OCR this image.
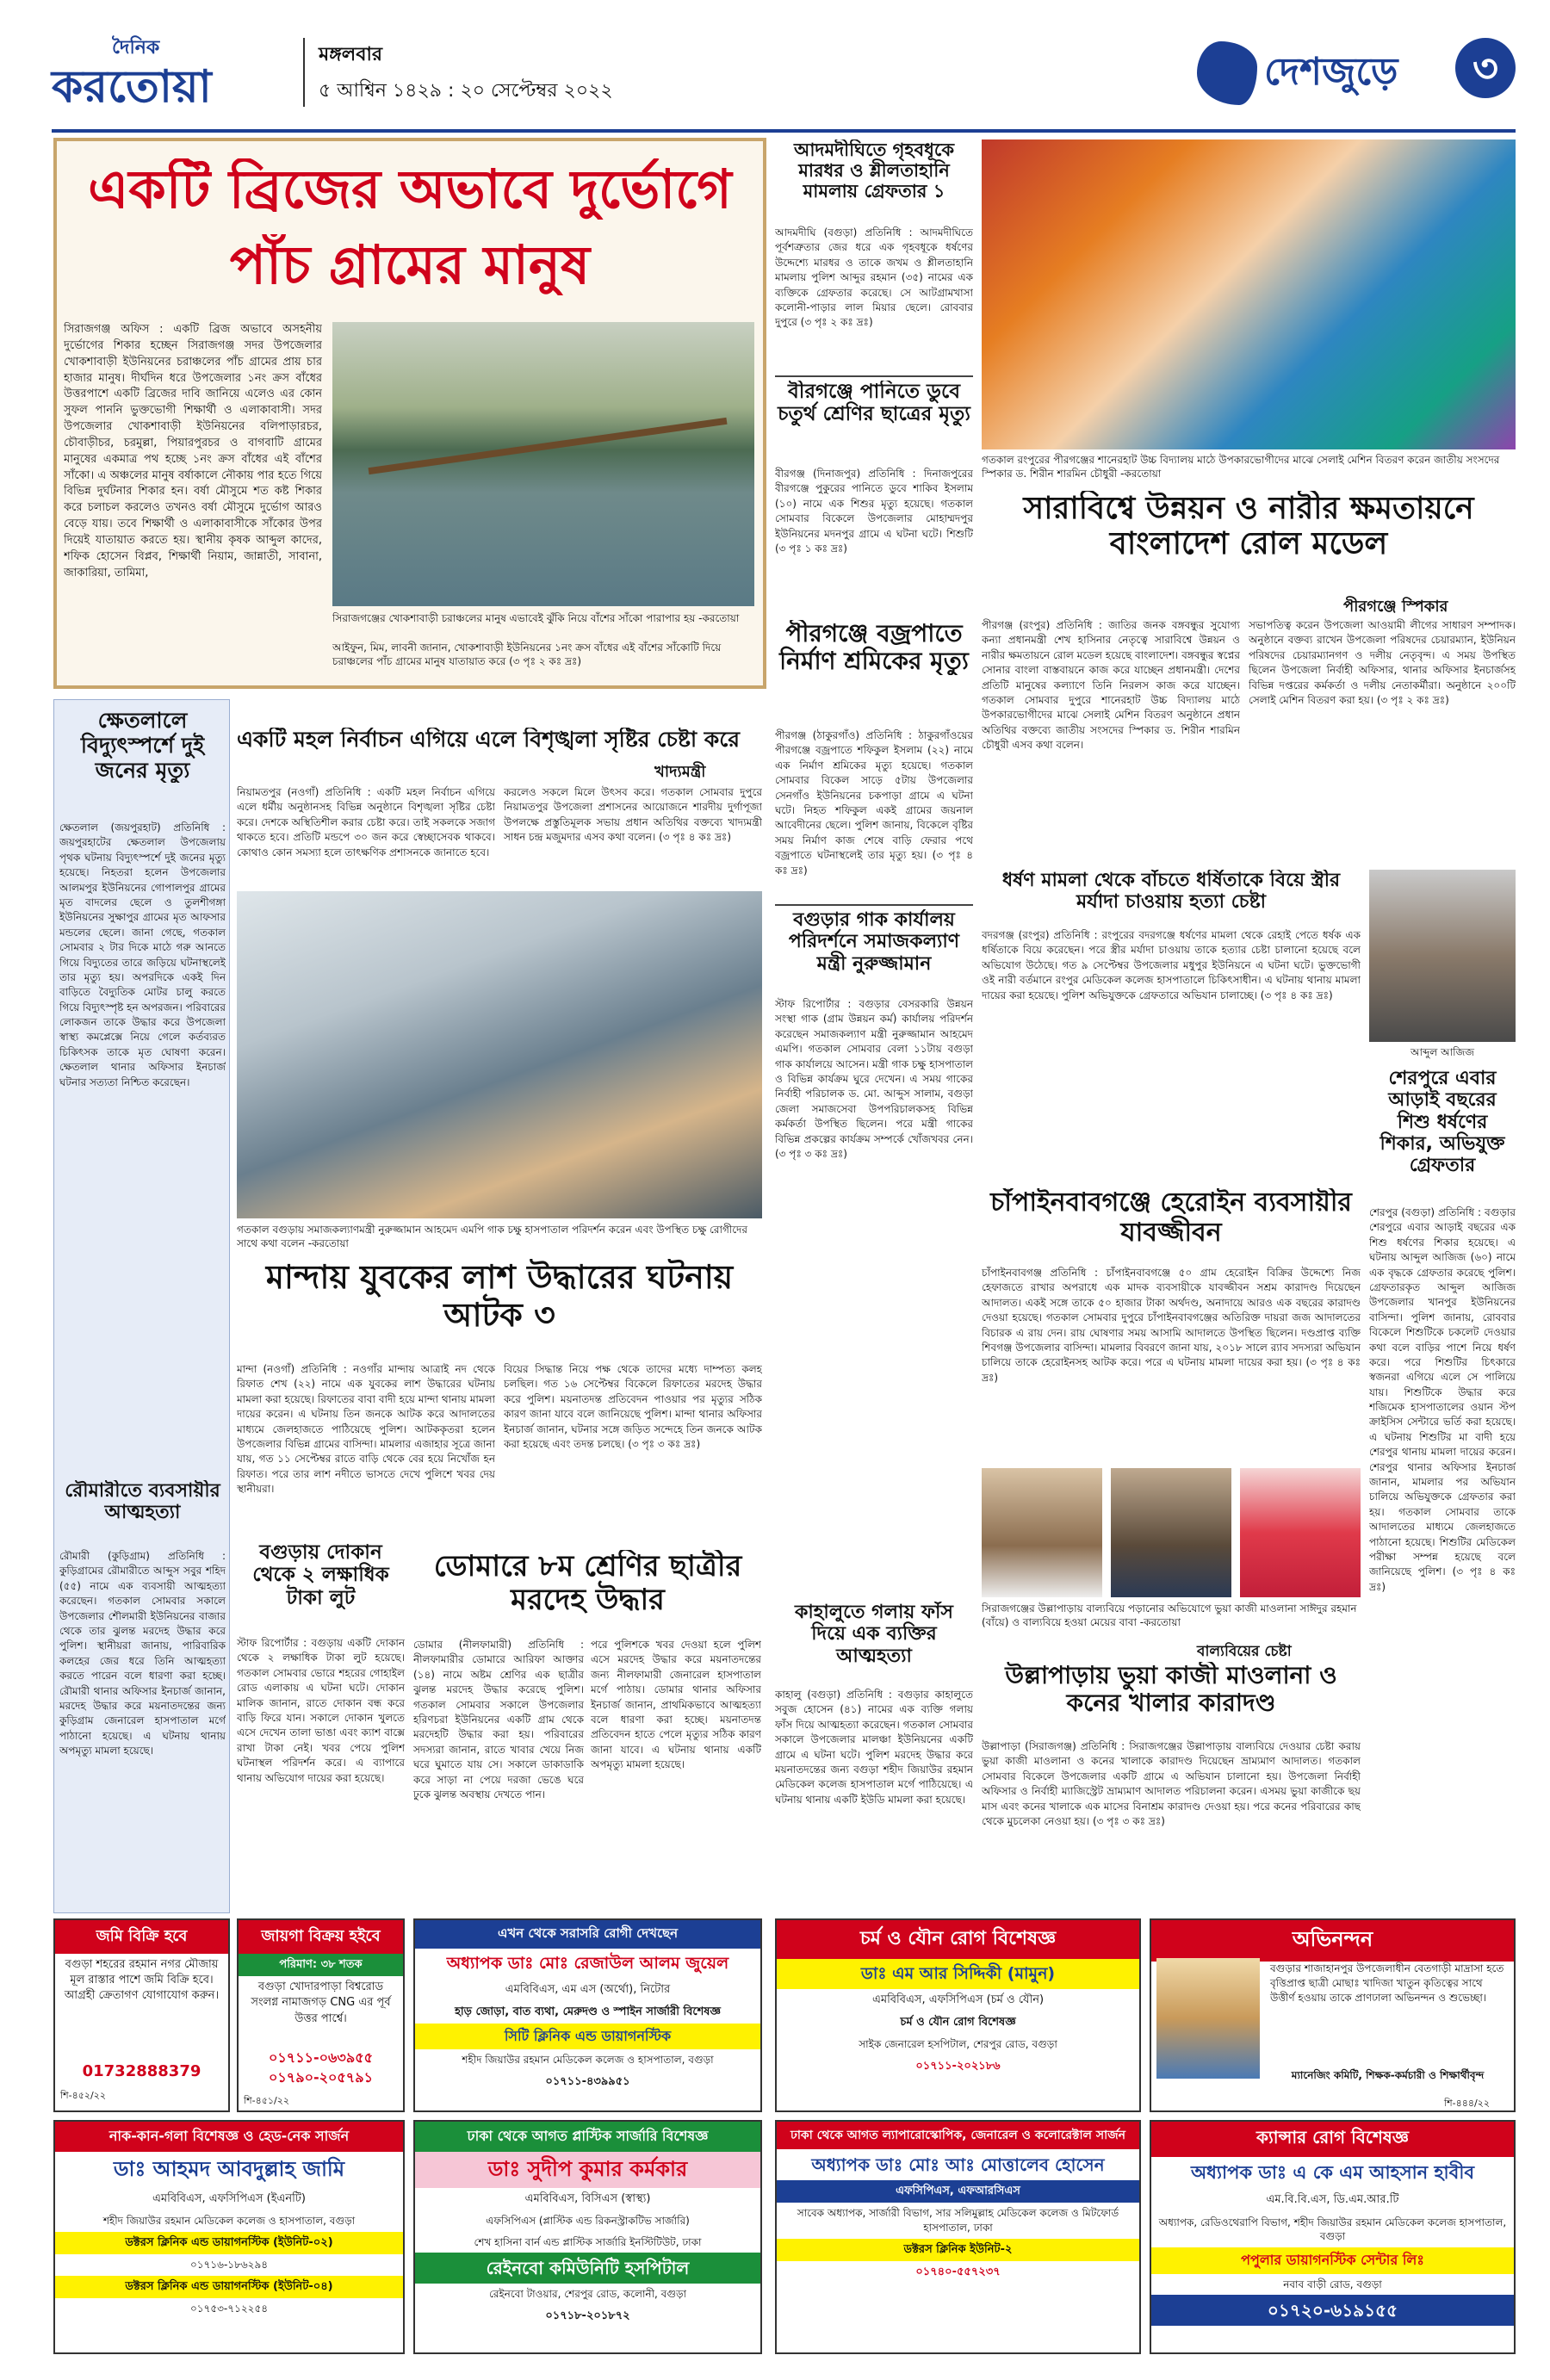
দৈনিক
করতোয়া
মঙ্গলবার
৫ আশ্বিন ১৪২৯ : ২০ সেপ্টেম্বর ২০২২	দেশজুড়ে	৩
একটি ব্রিজের অভাবে দুর্ভোগে
পাঁচ গ্রামের মানুষ
সিরাজগঞ্জ অফিস : একটি ব্রিজ অভাবে অসহনীয় দুর্ভোগের শিকার হচ্ছেন সিরাজগঞ্জ সদর উপজেলার খোকশাবাড়ী ইউনিয়নের চরাঞ্চলের পাঁচ গ্রামের প্রায় চার হাজার মানুষ। দীর্ঘদিন ধরে উপজেলার ১নং ক্রস বাঁধের উত্তরপাশে একটি ব্রিজের দাবি জানিয়ে এলেও এর কোন সুফল পাননি ভুক্তভোগী শিক্ষার্থী ও এলাকাবাসী। সদর উপজেলার খোকশাবাড়ী ইউনিয়নের বলিপাড়ারচর, চৌবাড়ীচর, চরমুল্লা, পিয়ারপুরচর ও বাগবাটি গ্রামের মানুষের একমাত্র পথ হচ্ছে ১নং ক্রস বাঁধের এই বাঁশের সাঁকো। এ অঞ্চলের মানুষ বর্ষাকালে নৌকায় পার হতে গিয়ে বিভিন্ন দুর্ঘটনার শিকার হন। বর্ষা মৌসুমে শত কষ্ট শিকার করে চলাচল করলেও তখনও বর্ষা মৌসুমে দুর্ভোগ আরও বেড়ে যায়। তবে শিক্ষার্থী ও এলাকাবাসীকে সাঁকোর উপর দিয়েই যাতায়াত করতে হয়। স্থানীয় কৃষক আব্দুল কাদের, শফিক হোসেন বিপ্লব, শিক্ষার্থী নিয়াম, জান্নাতী, সাবানা, জাকারিয়া, তামিমা,
সিরাজগঞ্জের খোকশাবাড়ী চরাঞ্চলের মানুষ এভাবেই ঝুঁকি নিয়ে বাঁশের সাঁকো পারাপার হয় -করতোয়া
আইফুন, মিম, লাবনী জানান, খোকশাবাড়ী ইউনিয়নের ১নং ক্রস বাঁধের এই বাঁশের সাঁকোটি দিয়ে চরাঞ্চলের পাঁচ গ্রামের মানুষ যাতায়াত করে (৩ পৃঃ ২ কঃ দ্রঃ)
আদমদীঘিতে গৃহবধূকে মারধর ও শ্লীলতাহানি মামলায় গ্রেফতার ১
আদমদীঘি (বগুড়া) প্রতিনিধি : আদমদীঘিতে পূর্বশত্রুতার জের ধরে এক গৃহবধূকে ধর্ষণের উদ্দেশ্যে মারধর ও তাকে জখম ও শ্লীলতাহানি মামলায় পুলিশ আব্দুর রহমান (৩৫) নামের এক ব্যক্তিকে গ্রেফতার করেছে। সে আটগ্রামখাসা কলোনী-পাড়ার লাল মিয়ার ছেলে। রোববার দুপুরে (৩ পৃঃ ২ কঃ দ্রঃ)
বীরগঞ্জে পানিতে ডুবে চতুর্থ শ্রেণির ছাত্রের মৃত্যু
বীরগঞ্জ (দিনাজপুর) প্রতিনিধি : দিনাজপুরের বীরগঞ্জে পুকুরের পানিতে ডুবে শাকিব ইসলাম (১০) নামে এক শিশুর মৃত্যু হয়েছে। গতকাল সোমবার বিকেলে উপজেলার মোহাম্মদপুর ইউনিয়নের মদনপুর গ্রামে এ ঘটনা ঘটে। শিশুটি (৩ পৃঃ ১ কঃ দ্রঃ)
গতকাল রংপুরের পীরগঞ্জের শানেরহাট উচ্চ বিদ্যালয় মাঠে উপকারভোগীদের মাঝে সেলাই মেশিন বিতরণ করেন জাতীয় সংসদের স্পিকার ড. শিরীন শারমিন চৌধুরী -করতোয়া
সারাবিশ্বে উন্নয়ন ও নারীর ক্ষমতায়নে বাংলাদেশ রোল মডেল
পীরগঞ্জে স্পিকার
পীরগঞ্জ (রংপুর) প্রতিনিধি : জাতির জনক বঙ্গবন্ধুর সুযোগ্য কন্যা প্রধানমন্ত্রী শেখ হাসিনার নেতৃত্বে সারাবিশ্বে উন্নয়ন ও নারীর ক্ষমতায়নে রোল মডেল হয়েছে বাংলাদেশ। বঙ্গবন্ধুর স্বপ্নের সোনার বাংলা বাস্তবায়নে কাজ করে যাচ্ছেন প্রধানমন্ত্রী। দেশের প্রতিটি মানুষের কল্যাণে তিনি নিরলস কাজ করে যাচ্ছেন। গতকাল সোমবার দুপুরে শানেরহাট উচ্চ বিদ্যালয় মাঠে উপকারভোগীদের মাঝে সেলাই মেশিন বিতরণ অনুষ্ঠানে প্রধান অতিথির বক্তব্যে জাতীয় সংসদের স্পিকার ড. শিরীন শারমিন চৌধুরী এসব কথা বলেন।
সভাপতিত্ব করেন উপজেলা আওয়ামী লীগের সাধারণ সম্পাদক। অনুষ্ঠানে বক্তব্য রাখেন উপজেলা পরিষদের চেয়ারম্যান, ইউনিয়ন পরিষদের চেয়ারম্যানগণ ও দলীয় নেতৃবৃন্দ। এ সময় উপস্থিত ছিলেন উপজেলা নির্বাহী অফিসার, থানার অফিসার ইনচার্জসহ বিভিন্ন দপ্তরের কর্মকর্তা ও দলীয় নেতাকর্মীরা। অনুষ্ঠানে ২০০টি সেলাই মেশিন বিতরণ করা হয়। (৩ পৃঃ ২ কঃ দ্রঃ)
পীরগঞ্জে বজ্রপাতে নির্মাণ শ্রমিকের মৃত্যু
পীরগঞ্জ (ঠাকুরগাঁও) প্রতিনিধি : ঠাকুরগাঁওয়ের পীরগঞ্জে বজ্রপাতে শফিকুল ইসলাম (২২) নামে এক নির্মাণ শ্রমিকের মৃত্যু হয়েছে। গতকাল সোমবার বিকেল সাড়ে ৫টায় উপজেলার সেনগাঁও ইউনিয়নের চকপাড়া গ্রামে এ ঘটনা ঘটে। নিহত শফিকুল একই গ্রামের জয়নাল আবেদীনের ছেলে। পুলিশ জানায়, বিকেলে বৃষ্টির সময় নির্মাণ কাজ শেষে বাড়ি ফেরার পথে বজ্রপাতে ঘটনাস্থলেই তার মৃত্যু হয়। (৩ পৃঃ ৪ কঃ দ্রঃ)
বগুড়ার গাক কার্যালয় পরিদর্শনে সমাজকল্যাণ মন্ত্রী নুরুজ্জামান
স্টাফ রিপোর্টার : বগুড়ার বেসরকারি উন্নয়ন সংস্থা গাক (গ্রাম উন্নয়ন কর্ম) কার্যালয় পরিদর্শন করেছেন সমাজকল্যাণ মন্ত্রী নুরুজ্জামান আহমেদ এমপি। গতকাল সোমবার বেলা ১১টায় বগুড়া গাক কার্যালয়ে আসেন। মন্ত্রী গাক চক্ষু হাসপাতাল ও বিভিন্ন কার্যক্রম ঘুরে দেখেন। এ সময় গাকের নির্বাহী পরিচালক ড. মো. আব্দুস সালাম, বগুড়া জেলা সমাজসেবা উপপরিচালকসহ বিভিন্ন কর্মকর্তা উপস্থিত ছিলেন। পরে মন্ত্রী গাকের বিভিন্ন প্রকল্পের কার্যক্রম সম্পর্কে খোঁজখবর নেন। (৩ পৃঃ ৩ কঃ দ্রঃ)
ক্ষেতলালে বিদ্যুৎস্পর্শে দুই জনের মৃত্যু
ক্ষেতলাল (জয়পুরহাট) প্রতিনিধি : জয়পুরহাটের ক্ষেতলাল উপজেলায় পৃথক ঘটনায় বিদ্যুৎস্পর্শে দুই জনের মৃত্যু হয়েছে। নিহতরা হলেন উপজেলার আলমপুর ইউনিয়নের গোপালপুর গ্রামের মৃত বাদলের ছেলে ও তুলশীগঙ্গা ইউনিয়নের সুক্ষাপুর গ্রামের মৃত আফসার মন্ডলের ছেলে। জানা গেছে, গতকাল সোমবার ২ টার দিকে মাঠে গরু আনতে গিয়ে বিদ্যুতের তারে জড়িয়ে ঘটনাস্থলেই তার মৃত্যু হয়। অপরদিকে একই দিন বাড়িতে বৈদ্যুতিক মোটর চালু করতে গিয়ে বিদ্যুৎস্পৃষ্ট হন অপরজন। পরিবারের লোকজন তাকে উদ্ধার করে উপজেলা স্বাস্থ্য কমপ্লেক্সে নিয়ে গেলে কর্তব্যরত চিকিৎসক তাকে মৃত ঘোষণা করেন। ক্ষেতলাল থানার অফিসার ইনচার্জ ঘটনার সত্যতা নিশ্চিত করেছেন।
রৌমারীতে ব্যবসায়ীর আত্মহত্যা
রৌমারী (কুড়িগ্রাম) প্রতিনিধি : কুড়িগ্রামের রৌমারীতে আব্দুস সবুর শহিদ (৫৫) নামে এক ব্যবসায়ী আত্মহত্যা করেছেন। গতকাল সোমবার সকালে উপজেলার শৌলমারী ইউনিয়নের বাজার থেকে তার ঝুলন্ত মরদেহ উদ্ধার করে পুলিশ। স্থানীয়রা জানায়, পারিবারিক কলহের জের ধরে তিনি আত্মহত্যা করতে পারেন বলে ধারণা করা হচ্ছে। রৌমারী থানার অফিসার ইনচার্জ জানান, মরদেহ উদ্ধার করে ময়নাতদন্তের জন্য কুড়িগ্রাম জেনারেল হাসপাতাল মর্গে পাঠানো হয়েছে। এ ঘটনায় থানায় অপমৃত্যু মামলা হয়েছে।
একটি মহল নির্বাচন এগিয়ে এলে বিশৃঙ্খলা সৃষ্টির চেষ্টা করে
খাদ্যমন্ত্রী
নিয়ামতপুর (নওগাঁ) প্রতিনিধি : একটি মহল নির্বাচন এগিয়ে এলে ধর্মীয় অনুষ্ঠানসহ বিভিন্ন অনুষ্ঠানে বিশৃঙ্খলা সৃষ্টির চেষ্টা করে। দেশকে অস্থিতিশীল করার চেষ্টা করে। তাই সকলকে সজাগ থাকতে হবে। প্রতিটি মন্ডপে ৩০ জন করে স্বেচ্ছাসেবক থাকবে। কোথাও কোন সমস্যা হলে তাৎক্ষণিক প্রশাসনকে জানাতে হবে।
করলেও সকলে মিলে উৎসব করে। গতকাল সোমবার দুপুরে নিয়ামতপুর উপজেলা প্রশাসনের আয়োজনে শারদীয় দুর্গাপূজা উপলক্ষে প্রস্তুতিমূলক সভায় প্রধান অতিথির বক্তব্যে খাদ্যমন্ত্রী সাধন চন্দ্র মজুমদার এসব কথা বলেন। (৩ পৃঃ ৪ কঃ দ্রঃ)
গতকাল বগুড়ায় সমাজকল্যাণমন্ত্রী নুরুজ্জামান আহমেদ এমপি গাক চক্ষু হাসপাতাল পরিদর্শন করেন এবং উপস্থিত চক্ষু রোগীদের সাথে কথা বলেন -করতোয়া
মান্দায় যুবকের লাশ উদ্ধারের ঘটনায় আটক ৩
মান্দা (নওগাঁ) প্রতিনিধি : নওগাঁর মান্দায় আত্রাই নদ থেকে রিফাত শেখ (২২) নামে এক যুবকের লাশ উদ্ধারের ঘটনায় মামলা করা হয়েছে। রিফাতের বাবা বাদী হয়ে মান্দা থানায় মামলা দায়ের করেন। এ ঘটনায় তিন জনকে আটক করে আদালতের মাধ্যমে জেলহাজতে পাঠিয়েছে পুলিশ। আটককৃতরা হলেন উপজেলার বিভিন্ন গ্রামের বাসিন্দা। মামলার এজাহার সূত্রে জানা যায়, গত ১১ সেপ্টেম্বর রাতে বাড়ি থেকে বের হয়ে নিখোঁজ হন রিফাত। পরে তার লাশ নদীতে ভাসতে দেখে পুলিশে খবর দেয় স্থানীয়রা।
বিয়ের সিদ্ধান্ত নিয়ে পক্ষ থেকে তাদের মধ্যে দাম্পত্য কলহ চলছিল। গত ১৬ সেপ্টেম্বর বিকেলে রিফাতের মরদেহ উদ্ধার করে পুলিশ। ময়নাতদন্ত প্রতিবেদন পাওয়ার পর মৃত্যুর সঠিক কারণ জানা যাবে বলে জানিয়েছে পুলিশ। মান্দা থানার অফিসার ইনচার্জ জানান, ঘটনার সঙ্গে জড়িত সন্দেহে তিন জনকে আটক করা হয়েছে এবং তদন্ত চলছে। (৩ পৃঃ ৩ কঃ দ্রঃ)
বগুড়ায় দোকান থেকে ২ লক্ষাধিক টাকা লুট
স্টাফ রিপোর্টার : বগুড়ায় একটি দোকান থেকে ২ লক্ষাধিক টাকা লুট হয়েছে। গতকাল সোমবার ভোরে শহরের গোহাইল রোড এলাকায় এ ঘটনা ঘটে। দোকান মালিক জানান, রাতে দোকান বন্ধ করে বাড়ি ফিরে যান। সকালে দোকান খুলতে এসে দেখেন তালা ভাঙা এবং ক্যাশ বাক্সে রাখা টাকা নেই। খবর পেয়ে পুলিশ ঘটনাস্থল পরিদর্শন করে। এ ব্যাপারে থানায় অভিযোগ দায়ের করা হয়েছে।
ডোমারে ৮ম শ্রেণির ছাত্রীর মরদেহ উদ্ধার
ডোমার (নীলফামারী) প্রতিনিধি : নীলফামারীর ডোমারে আরিফা আক্তার (১৪) নামে অষ্টম শ্রেণির এক ছাত্রীর ঝুলন্ত মরদেহ উদ্ধার করেছে পুলিশ। গতকাল সোমবার সকালে উপজেলার হরিণচরা ইউনিয়নের একটি গ্রাম থেকে মরদেহটি উদ্ধার করা হয়। পরিবারের সদস্যরা জানান, রাতে খাবার খেয়ে নিজ ঘরে ঘুমাতে যায় সে। সকালে ডাকাডাকি করে সাড়া না পেয়ে দরজা ভেঙে ঘরে ঢুকে ঝুলন্ত অবস্থায় দেখতে পান।
পরে পুলিশকে খবর দেওয়া হলে পুলিশ এসে মরদেহ উদ্ধার করে ময়নাতদন্তের জন্য নীলফামারী জেনারেল হাসপাতাল মর্গে পাঠায়। ডোমার থানার অফিসার ইনচার্জ জানান, প্রাথমিকভাবে আত্মহত্যা বলে ধারণা করা হচ্ছে। ময়নাতদন্ত প্রতিবেদন হাতে পেলে মৃত্যুর সঠিক কারণ জানা যাবে। এ ঘটনায় থানায় একটি অপমৃত্যু মামলা হয়েছে।
ধর্ষণ মামলা থেকে বাঁচতে ধর্ষিতাকে বিয়ে স্ত্রীর মর্যাদা চাওয়ায় হত্যা চেষ্টা
বদরগঞ্জ (রংপুর) প্রতিনিধি : রংপুরের বদরগঞ্জে ধর্ষণের মামলা থেকে রেহাই পেতে ধর্ষক এক ধর্ষিতাকে বিয়ে করেছেন। পরে স্ত্রীর মর্যাদা চাওয়ায় তাকে হত্যার চেষ্টা চালানো হয়েছে বলে অভিযোগ উঠেছে। গত ৯ সেপ্টেম্বর উপজেলার মধুপুর ইউনিয়নে এ ঘটনা ঘটে। ভুক্তভোগী ওই নারী বর্তমানে রংপুর মেডিকেল কলেজ হাসপাতালে চিকিৎসাধীন। এ ঘটনায় থানায় মামলা দায়ের করা হয়েছে। পুলিশ অভিযুক্তকে গ্রেফতারে অভিযান চালাচ্ছে। (৩ পৃঃ ৪ কঃ দ্রঃ)
আব্দুল আজিজ
শেরপুরে এবার আড়াই বছরের শিশু ধর্ষণের শিকার, অভিযুক্ত গ্রেফতার
শেরপুর (বগুড়া) প্রতিনিধি : বগুড়ার শেরপুরে এবার আড়াই বছরের এক শিশু ধর্ষণের শিকার হয়েছে। এ ঘটনায় আব্দুল আজিজ (৬০) নামে এক বৃদ্ধকে গ্রেফতার করেছে পুলিশ। গ্রেফতারকৃত আব্দুল আজিজ উপজেলার খানপুর ইউনিয়নের বাসিন্দা। পুলিশ জানায়, রোববার বিকেলে শিশুটিকে চকলেট দেওয়ার কথা বলে বাড়ির পাশে নিয়ে ধর্ষণ করে। পরে শিশুটির চিৎকারে স্বজনরা এগিয়ে এলে সে পালিয়ে যায়। শিশুটিকে উদ্ধার করে শজিমেক হাসপাতালের ওয়ান স্টপ ক্রাইসিস সেন্টারে ভর্তি করা হয়েছে। এ ঘটনায় শিশুটির মা বাদী হয়ে শেরপুর থানায় মামলা দায়ের করেন। শেরপুর থানার অফিসার ইনচার্জ জানান, মামলার পর অভিযান চালিয়ে অভিযুক্তকে গ্রেফতার করা হয়। গতকাল সোমবার তাকে আদালতের মাধ্যমে জেলহাজতে পাঠানো হয়েছে। শিশুটির মেডিকেল পরীক্ষা সম্পন্ন হয়েছে বলে জানিয়েছে পুলিশ। (৩ পৃঃ ৪ কঃ দ্রঃ)
চাঁপাইনবাবগঞ্জে হেরোইন ব্যবসায়ীর যাবজ্জীবন
চাঁপাইনবাবগঞ্জ প্রতিনিধি : চাঁপাইনবাবগঞ্জে ৫০ গ্রাম হেরোইন বিক্রির উদ্দেশ্যে নিজ হেফাজতে রাখার অপরাধে এক মাদক ব্যবসায়ীকে যাবজ্জীবন সশ্রম কারাদণ্ড দিয়েছেন আদালত। একই সঙ্গে তাকে ৫০ হাজার টাকা অর্থদণ্ড, অনাদায়ে আরও এক বছরের কারাদণ্ড দেওয়া হয়েছে। গতকাল সোমবার দুপুরে চাঁপাইনবাবগঞ্জের অতিরিক্ত দায়রা জজ আদালতের বিচারক এ রায় দেন। রায় ঘোষণার সময় আসামি আদালতে উপস্থিত ছিলেন। দণ্ডপ্রাপ্ত ব্যক্তি শিবগঞ্জ উপজেলার বাসিন্দা। মামলার বিবরণে জানা যায়, ২০১৮ সালে র‍্যাব সদস্যরা অভিযান চালিয়ে তাকে হেরোইনসহ আটক করে। পরে এ ঘটনায় মামলা দায়ের করা হয়। (৩ পৃঃ ৪ কঃ দ্রঃ)
সিরাজগঞ্জের উল্লাপাড়ায় বাল্যবিয়ে পড়ানোর অভিযোগে ভুয়া কাজী মাওলানা সাঈদুর রহমান (বাঁয়ে) ও বাল্যবিয়ে হওয়া মেয়ের বাবা -করতোয়া
কাহালুতে গলায় ফাঁস দিয়ে এক ব্যক্তির আত্মহত্যা
কাহালু (বগুড়া) প্রতিনিধি : বগুড়ার কাহালুতে সবুজ হোসেন (৪১) নামের এক ব্যক্তি গলায় ফাঁস দিয়ে আত্মহত্যা করেছেন। গতকাল সোমবার সকালে উপজেলার মালঞ্চা ইউনিয়নের একটি গ্রামে এ ঘটনা ঘটে। পুলিশ মরদেহ উদ্ধার করে ময়নাতদন্তের জন্য বগুড়া শহীদ জিয়াউর রহমান মেডিকেল কলেজ হাসপাতাল মর্গে পাঠিয়েছে। এ ঘটনায় থানায় একটি ইউডি মামলা করা হয়েছে।
বাল্যবিয়ের চেষ্টা
উল্লাপাড়ায় ভুয়া কাজী মাওলানা ও কনের খালার কারাদণ্ড
উল্লাপাড়া (সিরাজগঞ্জ) প্রতিনিধি : সিরাজগঞ্জের উল্লাপাড়ায় বাল্যবিয়ে দেওয়ার চেষ্টা করায় ভুয়া কাজী মাওলানা ও কনের খালাকে কারাদণ্ড দিয়েছেন ভ্রাম্যমাণ আদালত। গতকাল সোমবার বিকেলে উপজেলার একটি গ্রামে এ অভিযান চালানো হয়। উপজেলা নির্বাহী অফিসার ও নির্বাহী ম্যাজিস্ট্রেট ভ্রাম্যমাণ আদালত পরিচালনা করেন। এসময় ভুয়া কাজীকে ছয় মাস এবং কনের খালাকে এক মাসের বিনাশ্রম কারাদণ্ড দেওয়া হয়। পরে কনের পরিবারের কাছ থেকে মুচলেকা নেওয়া হয়। (৩ পৃঃ ৩ কঃ দ্রঃ)
জমি বিক্রি হবে
বগুড়া শহরের রহমান নগর মৌজায় মূল রাস্তার পাশে জমি বিক্রি হবে। আগ্রহী ক্রেতাগণ যোগাযোগ করুন।
01732888379
শি-৪৫২/২২
জায়গা বিক্রয় হইবে
পরিমাণ: ৩৮ শতক
বগুড়া খোদারপাড়া বিশ্বরোড সংলগ্ন নামাজগড় CNG এর পূর্ব উত্তর পার্শ্বে।
০১৭১১-০৬৩৯৫৫
০১৭৯০-২০৫৭৯১
শি-৪৫১/২২
এখন থেকে সরাসরি রোগী দেখছেন
অধ্যাপক ডাঃ মোঃ রেজাউল আলম জুয়েল
এমবিবিএস, এম এস (অর্থো), নিটোর
হাড় জোড়া, বাত ব্যথা, মেরুদণ্ড ও স্পাইন সার্জারী বিশেষজ্ঞ
সিটি ক্লিনিক এন্ড ডায়াগনস্টিক
শহীদ জিয়াউর রহমান মেডিকেল কলেজ ও হাসপাতাল, বগুড়া
০১৭১১-৪৩৯৯৫১
চর্ম ও যৌন রোগ বিশেষজ্ঞ
ডাঃ এম আর সিদ্দিকী (মামুন)
এমবিবিএস, এফসিপিএস (চর্ম ও যৌন)
চর্ম ও যৌন রোগ বিশেষজ্ঞ
সাইক জেনারেল হসপিটাল, শেরপুর রোড, বগুড়া
০১৭১১-২০২১৮৬
অভিনন্দন
বগুড়ার শাজাহানপুর উপজেলাধীন বেতগাড়ী মাদ্রাসা হতে বৃত্তিপ্রাপ্ত ছাত্রী মোছাঃ খাদিজা খাতুন কৃতিত্বের সাথে উত্তীর্ণ হওয়ায় তাকে প্রাণঢালা অভিনন্দন ও শুভেচ্ছা।
ম্যানেজিং কমিটি, শিক্ষক-কর্মচারী ও শিক্ষার্থীবৃন্দ
শি-৪৪৪/২২
নাক-কান-গলা বিশেষজ্ঞ ও হেড-নেক সার্জন
ডাঃ আহমদ আবদুল্লাহ জামি
এমবিবিএস, এফসিপিএস (ইএনটি)
শহীদ জিয়াউর রহমান মেডিকেল কলেজ ও হাসপাতাল, বগুড়া
ডক্টরস ক্লিনিক এন্ড ডায়াগনস্টিক (ইউনিট-০২)
০১৭১৬-১৮৬২৯৪
ডক্টরস ক্লিনিক এন্ড ডায়াগনস্টিক (ইউনিট-০৪)
০১৭৫৩-৭১২২৫৪
ঢাকা থেকে আগত প্লাস্টিক সার্জারি বিশেষজ্ঞ
ডাঃ সুদীপ কুমার কর্মকার
এমবিবিএস, বিসিএস (স্বাস্থ্য)
এফসিপিএস (প্লাস্টিক এন্ড রিকনস্ট্রাকটিভ সার্জারি)
শেখ হাসিনা বার্ন এন্ড প্লাস্টিক সার্জারি ইনস্টিটিউট, ঢাকা
রেইনবো কমিউনিটি হসপিটাল
রেইনবো টাওয়ার, শেরপুর রোড, কলোনী, বগুড়া
০১৭১৮-২০১৮৭২
ঢাকা থেকে আগত ল্যাপারোস্কোপিক, জেনারেল ও কলোরেক্টাল সার্জন
অধ্যাপক ডাঃ মোঃ আঃ মোত্তালেব হোসেন
এফসিপিএস, এফআরসিএস
সাবেক অধ্যাপক, সার্জারী বিভাগ, সার সলিমুল্লাহ মেডিকেল কলেজ ও মিটফোর্ড হাসপাতাল, ঢাকা
ডক্টরস ক্লিনিক ইউনিট-২
০১৭৪০-৫৫৭২৩৭
ক্যান্সার রোগ বিশেষজ্ঞ
অধ্যাপক ডাঃ এ কে এম আহসান হাবীব
এম.বি.বি.এস, ডি.এম.আর.টি
অধ্যাপক, রেডিওথেরাপি বিভাগ, শহীদ জিয়াউর রহমান মেডিকেল কলেজ হাসপাতাল, বগুড়া
পপুলার ডায়াগনস্টিক সেন্টার লিঃ
নবাব বাড়ী রোড, বগুড়া
০১৭২০-৬১৯১৫৫
